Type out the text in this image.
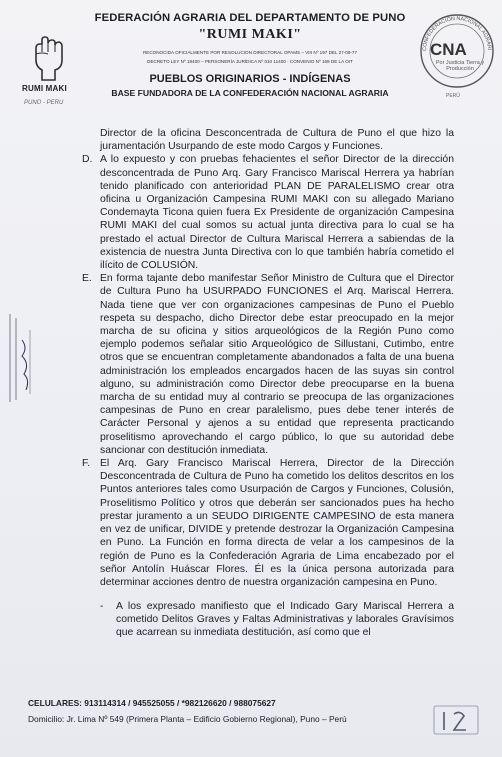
RUMI MAKI
PUNO - PERU
FEDERACIÓN AGRARIA DEL DEPARTAMENTO DE PUNO
"RUMI MAKI"
RECONOCIDA OFICIALMENTE POR RESOLUCION DIRECTORAL OPAMS – VIII Nº 197 DEL 27-09-77
DECRETO LEY Nº 19400 – PERSONERÍA JURÍDICA Nº 010 11400 · CONVENIO Nº 169 DE LA OIT
PUEBLOS ORIGINARIOS - INDÍGENAS
BASE FUNDADORA DE LA CONFEDERACIÓN NACIONAL AGRARIA
CONFEDERACIÓN NACIONAL AGRARI
CNA
Por Justicia Tierra y Producción
PERÚ

Director de la oficina Desconcentrada de Cultura de Puno el que hizo la juramentación Usurpando de este modo Cargos y Funciones.

D. A lo expuesto y con pruebas fehacientes el señor Director de la dirección desconcentrada de Puno Arq. Gary Francisco Mariscal Herrera ya habrían tenido planificado con anterioridad PLAN DE PARALELISMO crear otra oficina u Organización Campesina RUMI MAKI con su allegado Mariano Condemayta Ticona quien fuera Ex Presidente de organización Campesina RUMI MAKI del cual somos su actual junta directiva para lo cual se ha prestado el actual Director de Cultura Mariscal Herrera a sabiendas de la existencia de nuestra Junta Directiva con lo que también habría cometido el ilícito de COLUSIÓN.

E. En forma tajante debo manifestar Señor Ministro de Cultura que el Director de Cultura Puno ha USURPADO FUNCIONES el Arq. Mariscal Herrera. Nada tiene que ver con organizaciones campesinas de Puno el Pueblo respeta su despacho, dicho Director debe estar preocupado en la mejor marcha de su oficina y sitios arqueológicos de la Región Puno como ejemplo podemos señalar sitio Arqueológico de Sillustani, Cutimbo, entre otros que se encuentran completamente abandonados a falta de una buena administración los empleados encargados hacen de las suyas sin control alguno, su administración como Director debe preocuparse en la buena marcha de su entidad muy al contrario se preocupa de las organizaciones campesinas de Puno en crear paralelismo, pues debe tener interés de Carácter Personal y ajenos a su entidad que representa practicando proselitismo aprovechando el cargo público, lo que su autoridad debe sancionar con destitución inmediata.

F. El Arq. Gary Francisco Mariscal Herrera, Director de la Dirección Desconcentrada de Cultura de Puno ha cometido los delitos descritos en los Puntos anteriores tales como Usurpación de Cargos y Funciones, Colusión, Proselitismo Político y otros que deberán ser sancionados pues ha hecho prestar juramento a un SEUDO DIRIGENTE CAMPESINO de esta manera en vez de unificar, DIVIDE y pretende destrozar la Organización Campesina en Puno. La Función en forma directa de velar a los campesinos de la región de Puno es la Confederación Agraria de Lima encabezado por el señor Antolín Huáscar Flores. Él es la única persona autorizada para determinar acciones dentro de nuestra organización campesina en Puno.

- A los expresado manifiesto que el Indicado Gary Mariscal Herrera a cometido Delitos Graves y Faltas Administrativas y laborales Gravísimos que acarrean su inmediata destitución, así como que el

CELULARES: 913114314 / 945525055 / *982126620 / 988075627
Domicilio: Jr. Lima Nº 549 (Primera Planta – Edificio Gobierno Regional), Puno – Perú
